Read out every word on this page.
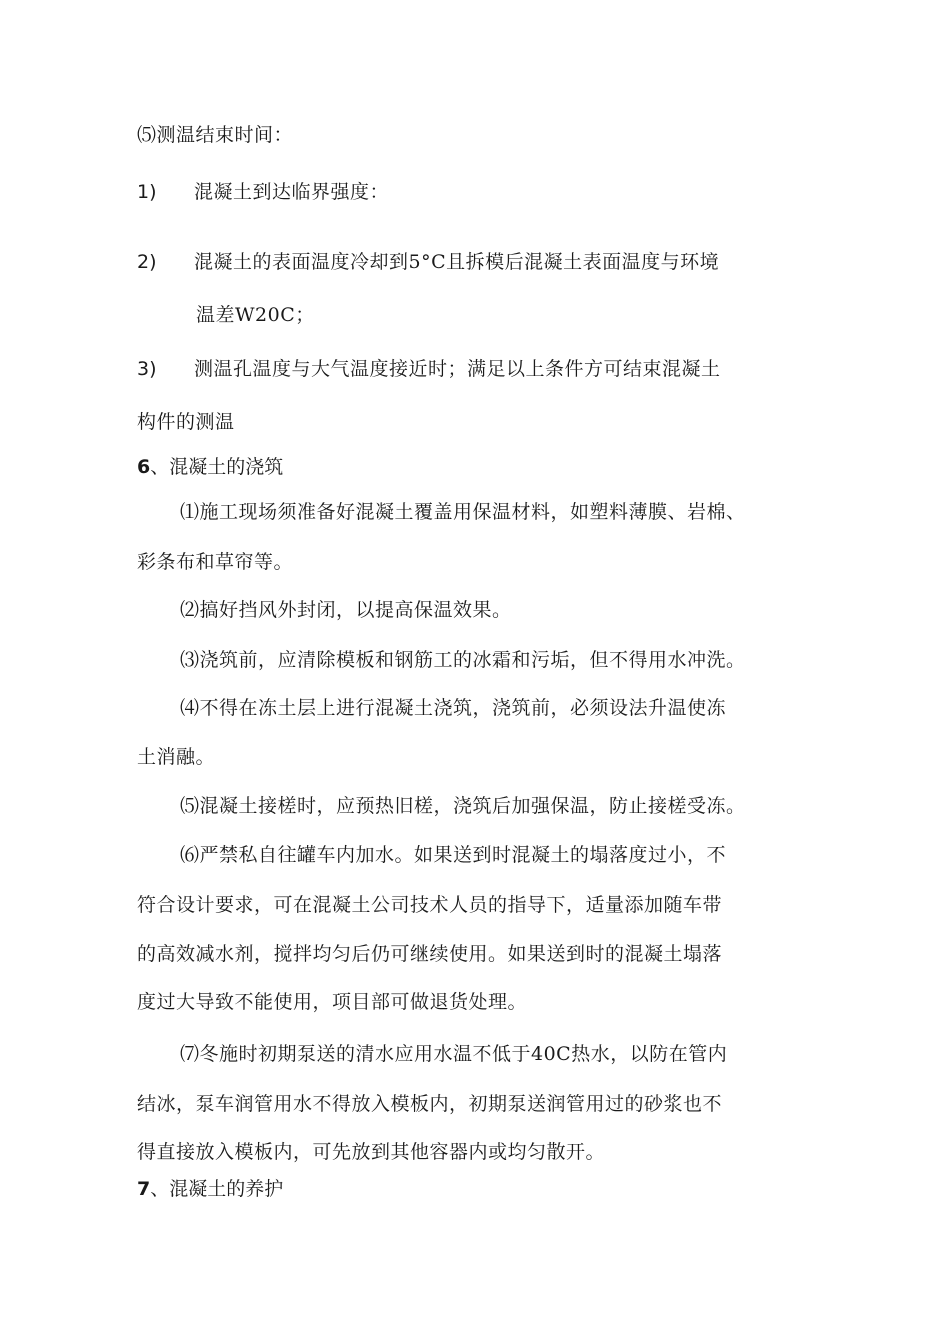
⑸测温结束时间：
1) 混凝土到达临界强度：
2) 混凝土的表面温度冷却到5°C且拆模后混凝土表面温度与环境
温差W20C；
3) 测温孔温度与大气温度接近时；满足以上条件方可结束混凝土
构件的测温
6、混凝土的浇筑
⑴施工现场须准备好混凝土覆盖用保温材料，如塑料薄膜、岩棉、
彩条布和草帘等。
⑵搞好挡风外封闭，以提高保温效果。
⑶浇筑前，应清除模板和钢筋工的冰霜和污垢，但不得用水冲洗。
⑷不得在冻土层上进行混凝土浇筑，浇筑前，必须设法升温使冻
土消融。
⑸混凝土接槎时，应预热旧槎，浇筑后加强保温，防止接槎受冻。
⑹严禁私自往罐车内加水。如果送到时混凝土的塌落度过小，不
符合设计要求，可在混凝土公司技术人员的指导下，适量添加随车带
的高效减水剂，搅拌均匀后仍可继续使用。如果送到时的混凝土塌落
度过大导致不能使用，项目部可做退货处理。
⑺冬施时初期泵送的清水应用水温不低于40C热水，以防在管内
结冰，泵车润管用水不得放入模板内，初期泵送润管用过的砂浆也不
得直接放入模板内，可先放到其他容器内或均匀散开。
7、混凝土的养护
